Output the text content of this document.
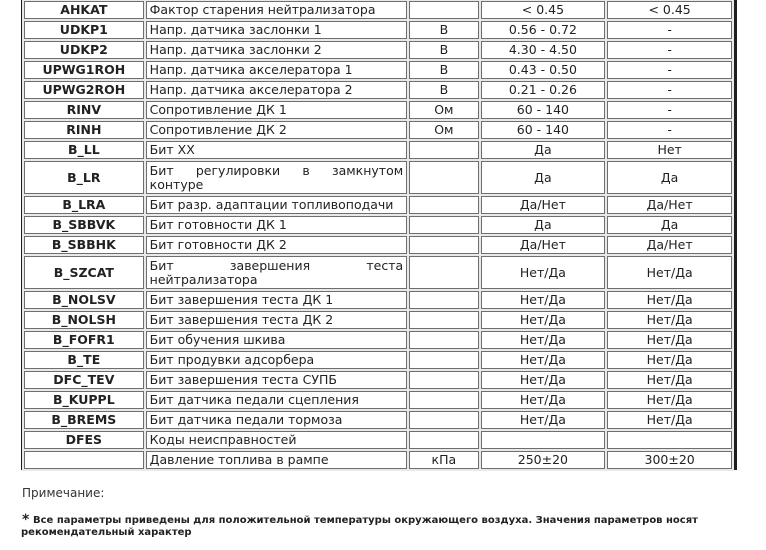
AHKAT	Фактор старения нейтрализатора		< 0.45	< 0.45
UDKP1	Напр. датчика заслонки 1	В	0.56 - 0.72	-
UDKP2	Напр. датчика заслонки 2	В	4.30 - 4.50	-
UPWG1ROH	Напр. датчика акселератора 1	В	0.43 - 0.50	-
UPWG2ROH	Напр. датчика акселератора 2	В	0.21 - 0.26	-
RINV	Сопротивление ДК 1	Ом	60 - 140	-
RINH	Сопротивление ДК 2	Ом	60 - 140	-
B_LL	Бит ХХ		Да	Нет
B_LR	Бит регулировки в замкнутом контуре		Да	Да
B_LRA	Бит разр. адаптации топливоподачи		Да/Нет	Да/Нет
B_SBBVK	Бит готовности ДК 1		Да	Да
B_SBBHK	Бит готовности ДК 2		Да/Нет	Да/Нет
B_SZCAT	Бит завершения теста нейтрализатора		Нет/Да	Нет/Да
B_NOLSV	Бит завершения теста ДК 1		Нет/Да	Нет/Да
B_NOLSH	Бит завершения теста ДК 2		Нет/Да	Нет/Да
B_FOFR1	Бит обучения шкива		Нет/Да	Нет/Да
B_TE	Бит продувки адсорбера		Нет/Да	Нет/Да
DFC_TEV	Бит завершения теста СУПБ		Нет/Да	Нет/Да
B_KUPPL	Бит датчика педали сцепления		Нет/Да	Нет/Да
B_BREMS	Бит датчика педали тормоза		Нет/Да	Нет/Да
DFES	Коды неисправностей			
	Давление топлива в рампе	кПа	250±20	300±20
Примечание:
* Все параметры приведены для положительной температуры окружающего воздуха. Значения параметров носят рекомендательный характер
